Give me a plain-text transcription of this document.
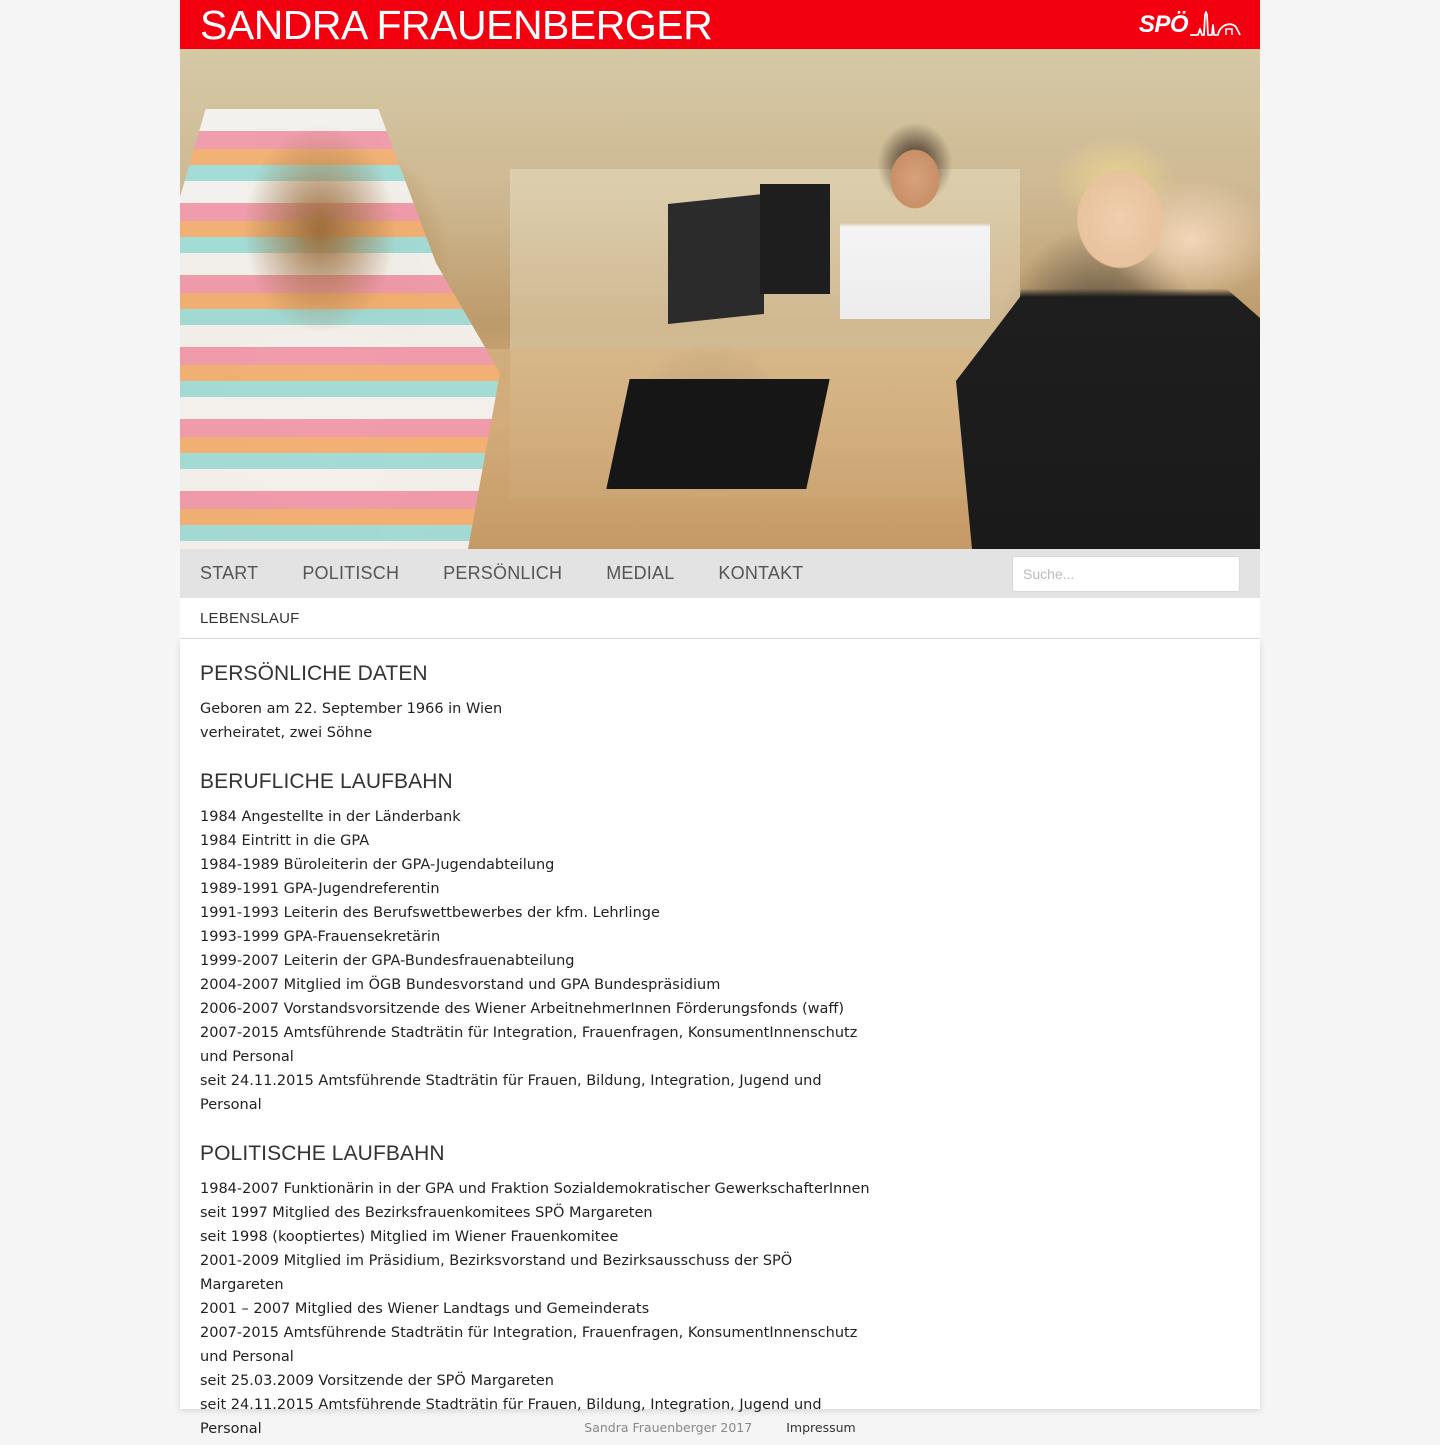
SANDRA FRAUENBERGER	SPÖ
START POLITISCH PERSÖNLICH MEDIAL KONTAKT
Suche...
LEBENSLAUF
PERSÖNLICHE DATEN

Geboren am 22. September 1966 in Wien

verheiratet, zwei Söhne

BERUFLICHE LAUFBAHN

1984 Angestellte in der Länderbank

1984 Eintritt in die GPA

1984-1989 Büroleiterin der GPA-Jugendabteilung

1989-1991 GPA-Jugendreferentin

1991-1993 Leiterin des Berufswettbewerbes der kfm. Lehrlinge

1993-1999 GPA-Frauensekretärin

1999-2007 Leiterin der GPA-Bundesfrauenabteilung

2004-2007 Mitglied im ÖGB Bundesvorstand und GPA Bundespräsidium

2006-2007 Vorstandsvorsitzende des Wiener ArbeitnehmerInnen Förderungsfonds (waff)

2007-2015 Amtsführende Stadträtin für Integration, Frauenfragen, KonsumentInnenschutz und Personal

seit 24.11.2015 Amtsführende Stadträtin für Frauen, Bildung, Integration, Jugend und Personal

POLITISCHE LAUFBAHN

1984-2007 Funktionärin in der GPA und Fraktion Sozialdemokratischer GewerkschafterInnen

seit 1997 Mitglied des Bezirksfrauenkomitees SPÖ Margareten

seit 1998 (kooptiertes) Mitglied im Wiener Frauenkomitee

2001-2009 Mitglied im Präsidium, Bezirksvorstand und Bezirksausschuss der SPÖ Margareten

2001 – 2007 Mitglied des Wiener Landtags und Gemeinderats

2007-2015 Amtsführende Stadträtin für Integration, Frauenfragen, KonsumentInnenschutz und Personal

seit 25.03.2009 Vorsitzende der SPÖ Margareten

seit 24.11.2015 Amtsführende Stadträtin für Frauen, Bildung, Integration, Jugend und Personal	Sandra Frauenberger 2017	Impressum
